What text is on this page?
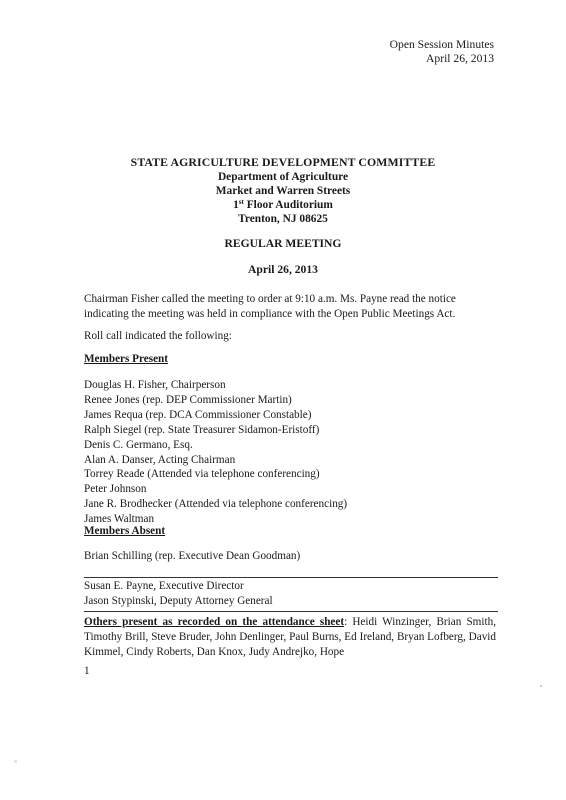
Open Session Minutes
April 26, 2013
STATE AGRICULTURE DEVELOPMENT COMMITTEE
Department of Agriculture
Market and Warren Streets
1st Floor Auditorium
Trenton, NJ 08625
REGULAR MEETING
April 26, 2013
Chairman Fisher called the meeting to order at 9:10 a.m. Ms. Payne read the notice indicating the meeting was held in compliance with the Open Public Meetings Act.
Roll call indicated the following:
Members Present
Douglas H. Fisher, Chairperson
Renee Jones (rep. DEP Commissioner Martin)
James Requa (rep. DCA Commissioner Constable)
Ralph Siegel (rep. State Treasurer Sidamon-Eristoff)
Denis C. Germano, Esq.
Alan A. Danser, Acting Chairman
Torrey Reade (Attended via telephone conferencing)
Peter Johnson
Jane R. Brodhecker (Attended via telephone conferencing)
James Waltman
Members Absent
Brian Schilling (rep. Executive Dean Goodman)
Susan E. Payne, Executive Director
Jason Stypinski, Deputy Attorney General
Others present as recorded on the attendance sheet: Heidi Winzinger, Brian Smith, Timothy Brill, Steve Bruder, John Denlinger, Paul Burns, Ed Ireland, Bryan Lofberg, David Kimmel, Cindy Roberts, Dan Knox, Judy Andrejko, Hope
1
